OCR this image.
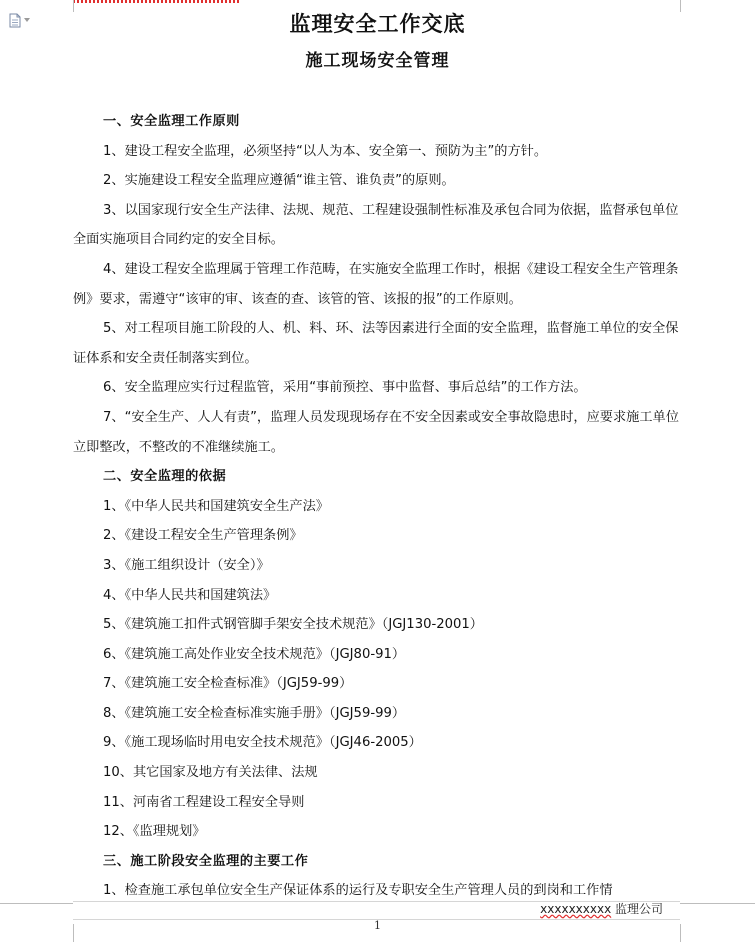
监理安全工作交底
施工现场安全管理

一、安全监理工作原则

1、建设工程安全监理，必须坚持“以人为本、安全第一、预防为主”的方针。

2、实施建设工程安全监理应遵循“谁主管、谁负责”的原则。

3、以国家现行安全生产法律、法规、规范、工程建设强制性标准及承包合同为依据，监督承包单位全面实施项目合同约定的安全目标。

4、建设工程安全监理属于管理工作范畴，在实施安全监理工作时，根据《建设工程安全生产管理条例》要求，需遵守“该审的审、该查的查、该管的管、该报的报”的工作原则。

5、对工程项目施工阶段的人、机、料、环、法等因素进行全面的安全监理，监督施工单位的安全保证体系和安全责任制落实到位。

6、安全监理应实行过程监管，采用“事前预控、事中监督、事后总结”的工作方法。

7、“安全生产、人人有责”，监理人员发现现场存在不安全因素或安全事故隐患时，应要求施工单位立即整改，不整改的不准继续施工。

二、安全监理的依据

1、《中华人民共和国建筑安全生产法》

2、《建设工程安全生产管理条例》

3、《施工组织设计（安全）》

4、《中华人民共和国建筑法》

5、《建筑施工扣件式钢管脚手架安全技术规范》（JGJ130-2001）

6、《建筑施工高处作业安全技术规范》（JGJ80-91）

7、《建筑施工安全检查标准》（JGJ59-99）

8、《建筑施工安全检查标准实施手册》（JGJ59-99）

9、《施工现场临时用电安全技术规范》（JGJ46-2005）

10、其它国家及地方有关法律、法规

11、河南省工程建设工程安全导则

12、《监理规划》

三、施工阶段安全监理的主要工作

1、检查施工承包单位安全生产保证体系的运行及专职安全生产管理人员的到岗和工作情

xxxxxxxxxx 监理公司
1
